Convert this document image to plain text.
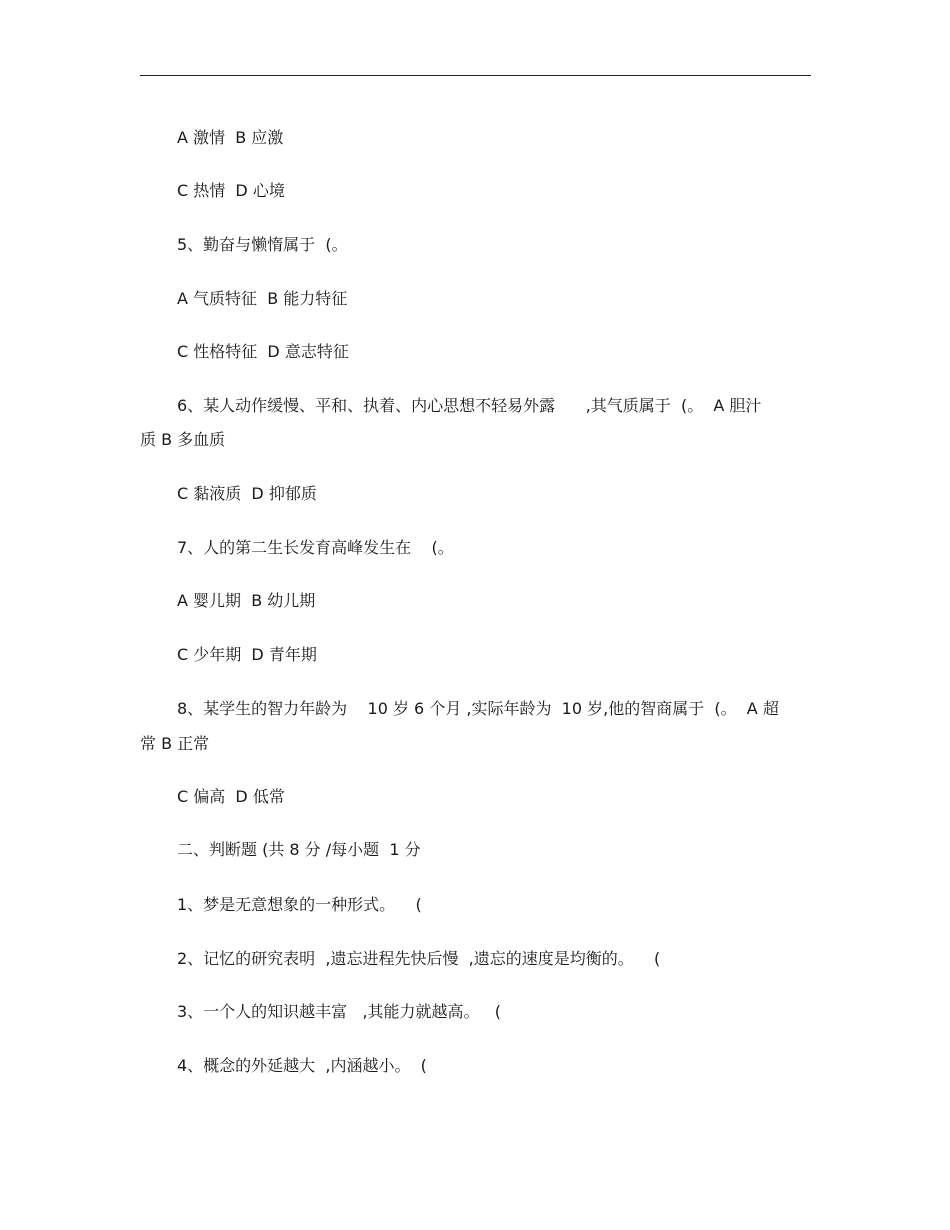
A 激情  B 应激
C 热情  D 心境
5、勤奋与懒惰属于  (。
A 气质特征  B 能力特征
C 性格特征  D 意志特征
6、某人动作缓慢、平和、执着、内心思想不轻易外露      ,其气质属于  (。  A 胆汁
质 B 多血质
C 黏液质  D 抑郁质
7、人的第二生长发育高峰发生在    (。
A 婴儿期  B 幼儿期
C 少年期  D 青年期
8、某学生的智力年龄为    10 岁 6 个月 ,实际年龄为  10 岁,他的智商属于  (。  A 超
常 B 正常
C 偏高  D 低常
二、判断题 (共 8 分 /每小题  1 分
1、梦是无意想象的一种形式。    (
2、记忆的研究表明  ,遗忘进程先快后慢  ,遗忘的速度是均衡的。    (
3、一个人的知识越丰富   ,其能力就越高。   (
4、概念的外延越大  ,内涵越小。  (
